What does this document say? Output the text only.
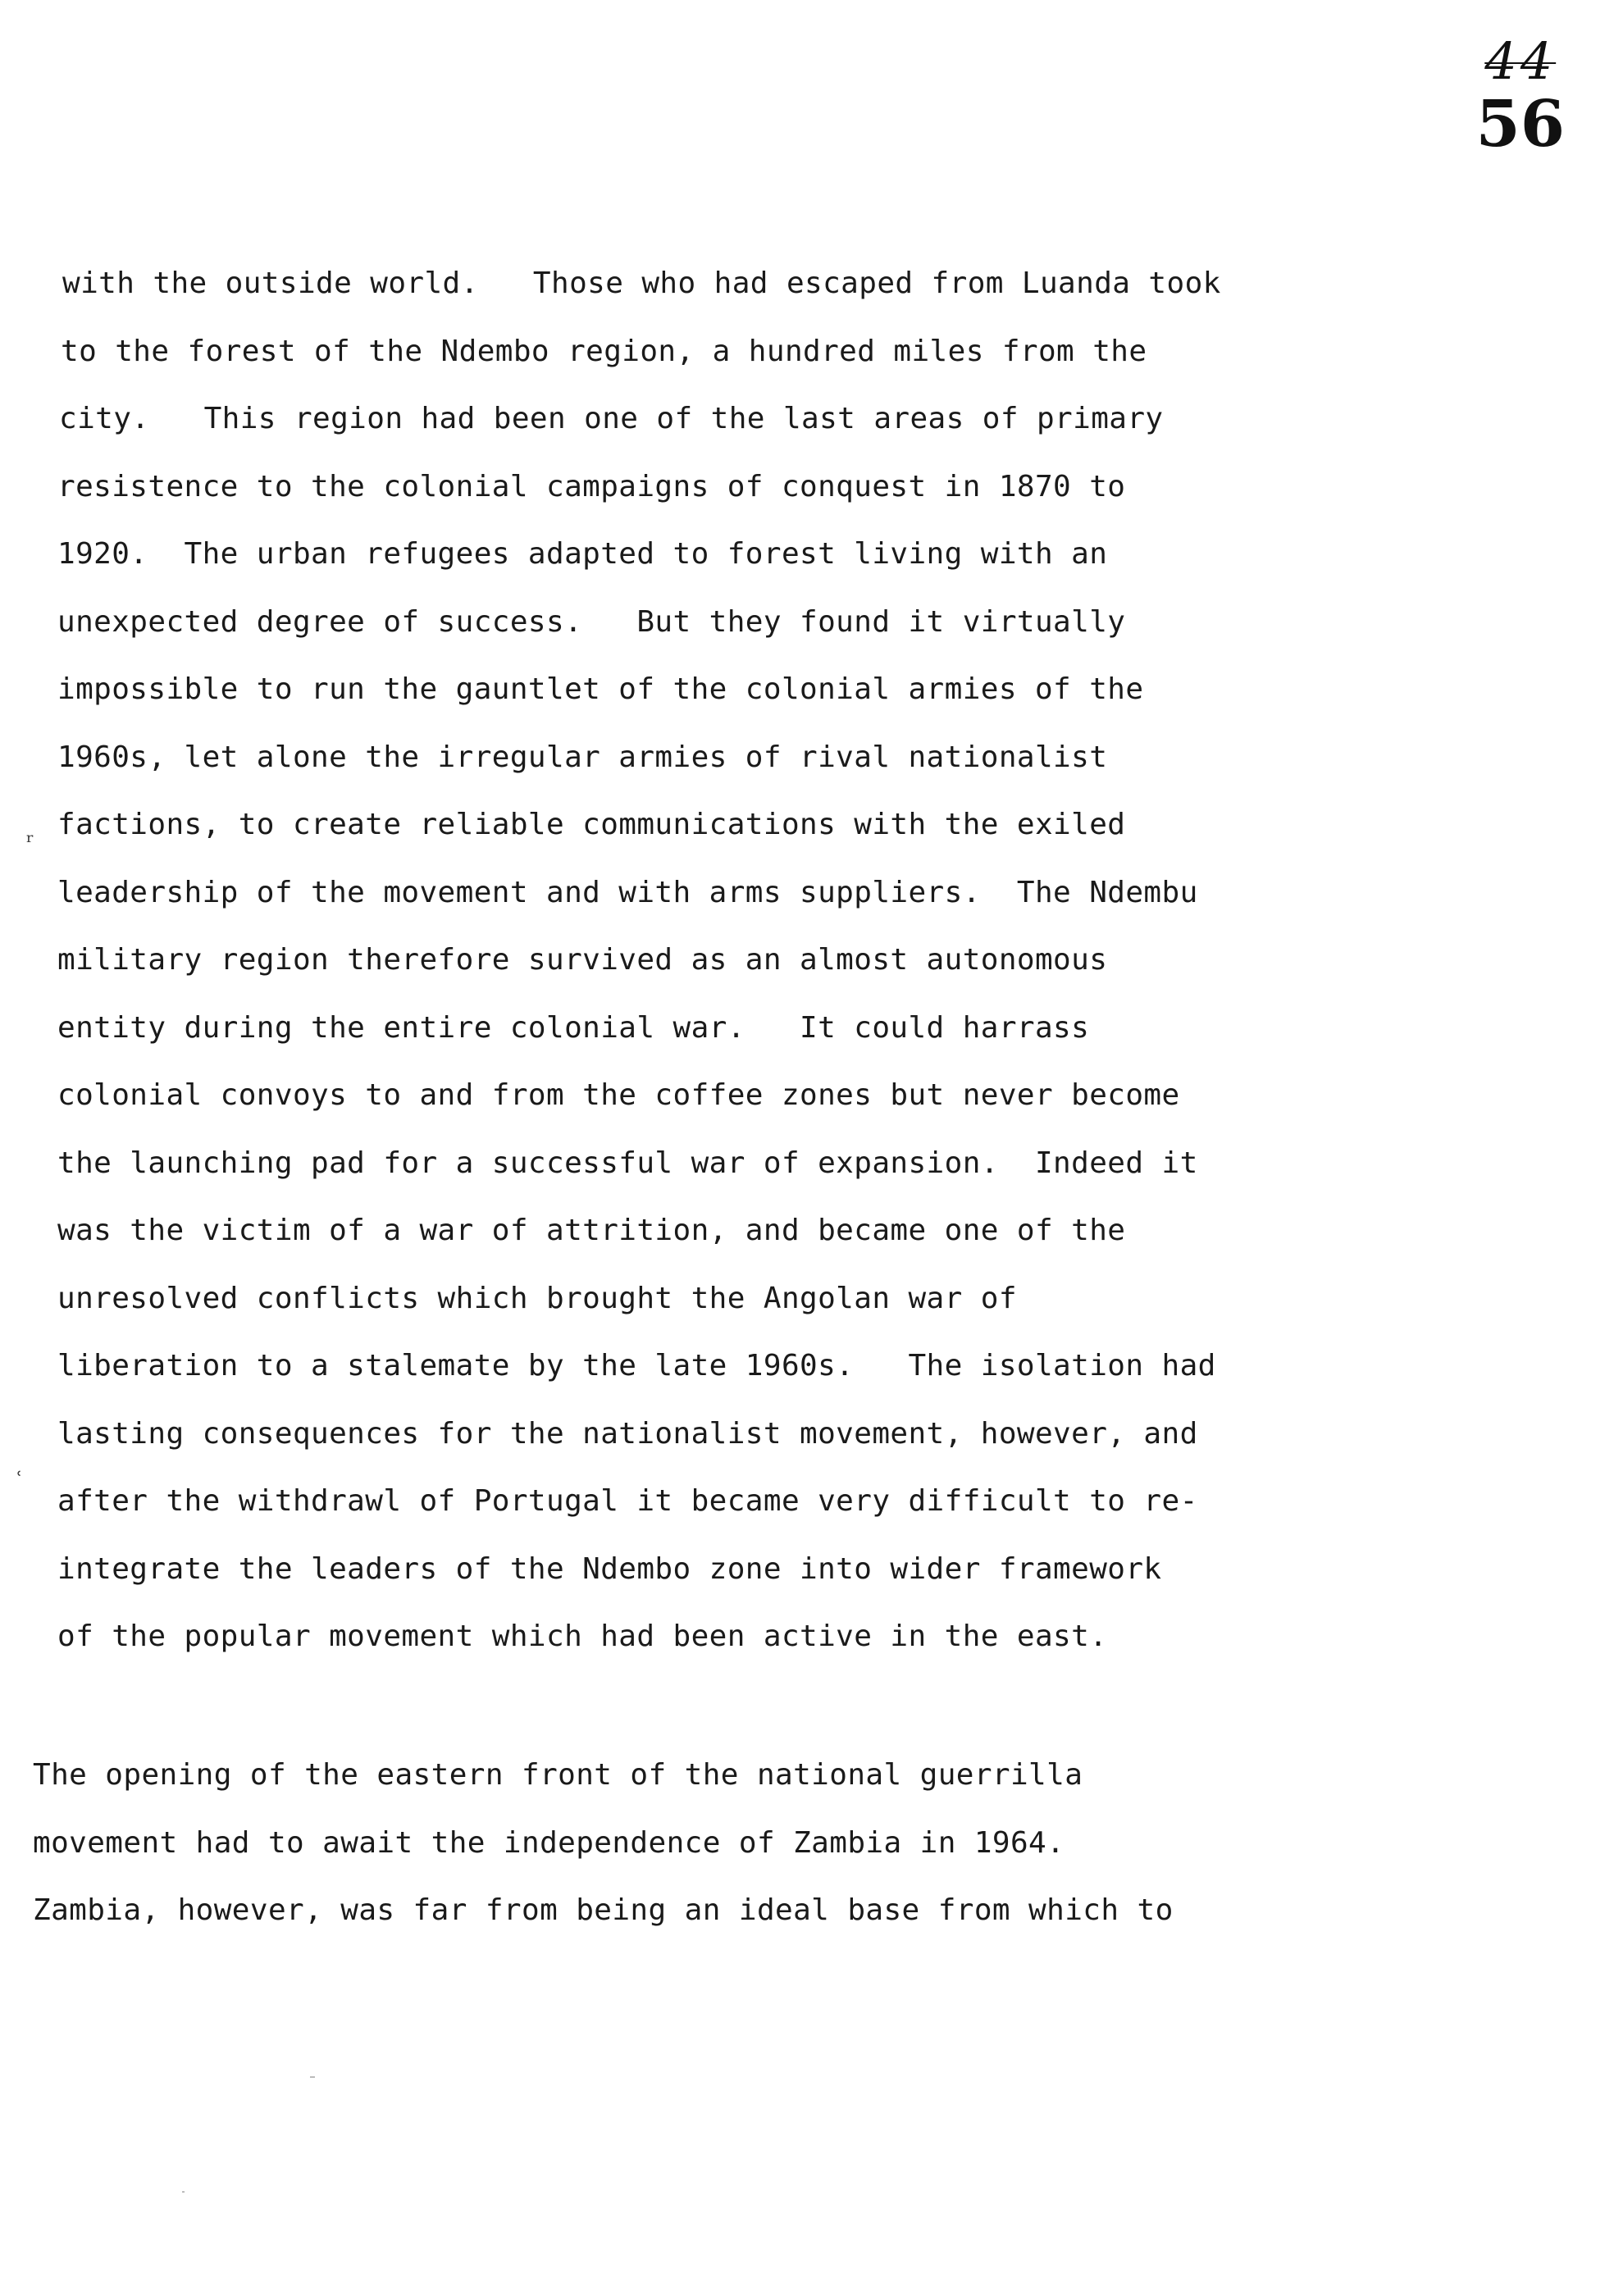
44
56
ʳ
ʿ
with the outside world.   Those who had escaped from Luanda took
to the forest of the Ndembo region, a hundred miles from the
city.   This region had been one of the last areas of primary
resistence to the colonial campaigns of conquest in 1870 to
1920.  The urban refugees adapted to forest living with an
unexpected degree of success.   But they found it virtually
impossible to run the gauntlet of the colonial armies of the
1960s, let alone the irregular armies of rival nationalist
factions, to create reliable communications with the exiled
leadership of the movement and with arms suppliers.  The Ndembu
military region therefore survived as an almost autonomous
entity during the entire colonial war.   It could harrass
colonial convoys to and from the coffee zones but never become
the launching pad for a successful war of expansion.  Indeed it
was the victim of a war of attrition, and became one of the
unresolved conflicts which brought the Angolan war of
liberation to a stalemate by the late 1960s.   The isolation had
lasting consequences for the nationalist movement, however, and
after the withdrawl of Portugal it became very difficult to re-
integrate the leaders of the Ndembo zone into wider framework
of the popular movement which had been active in the east.
The opening of the eastern front of the national guerrilla
movement had to await the independence of Zambia in 1964.
Zambia, however, was far from being an ideal base from which to
